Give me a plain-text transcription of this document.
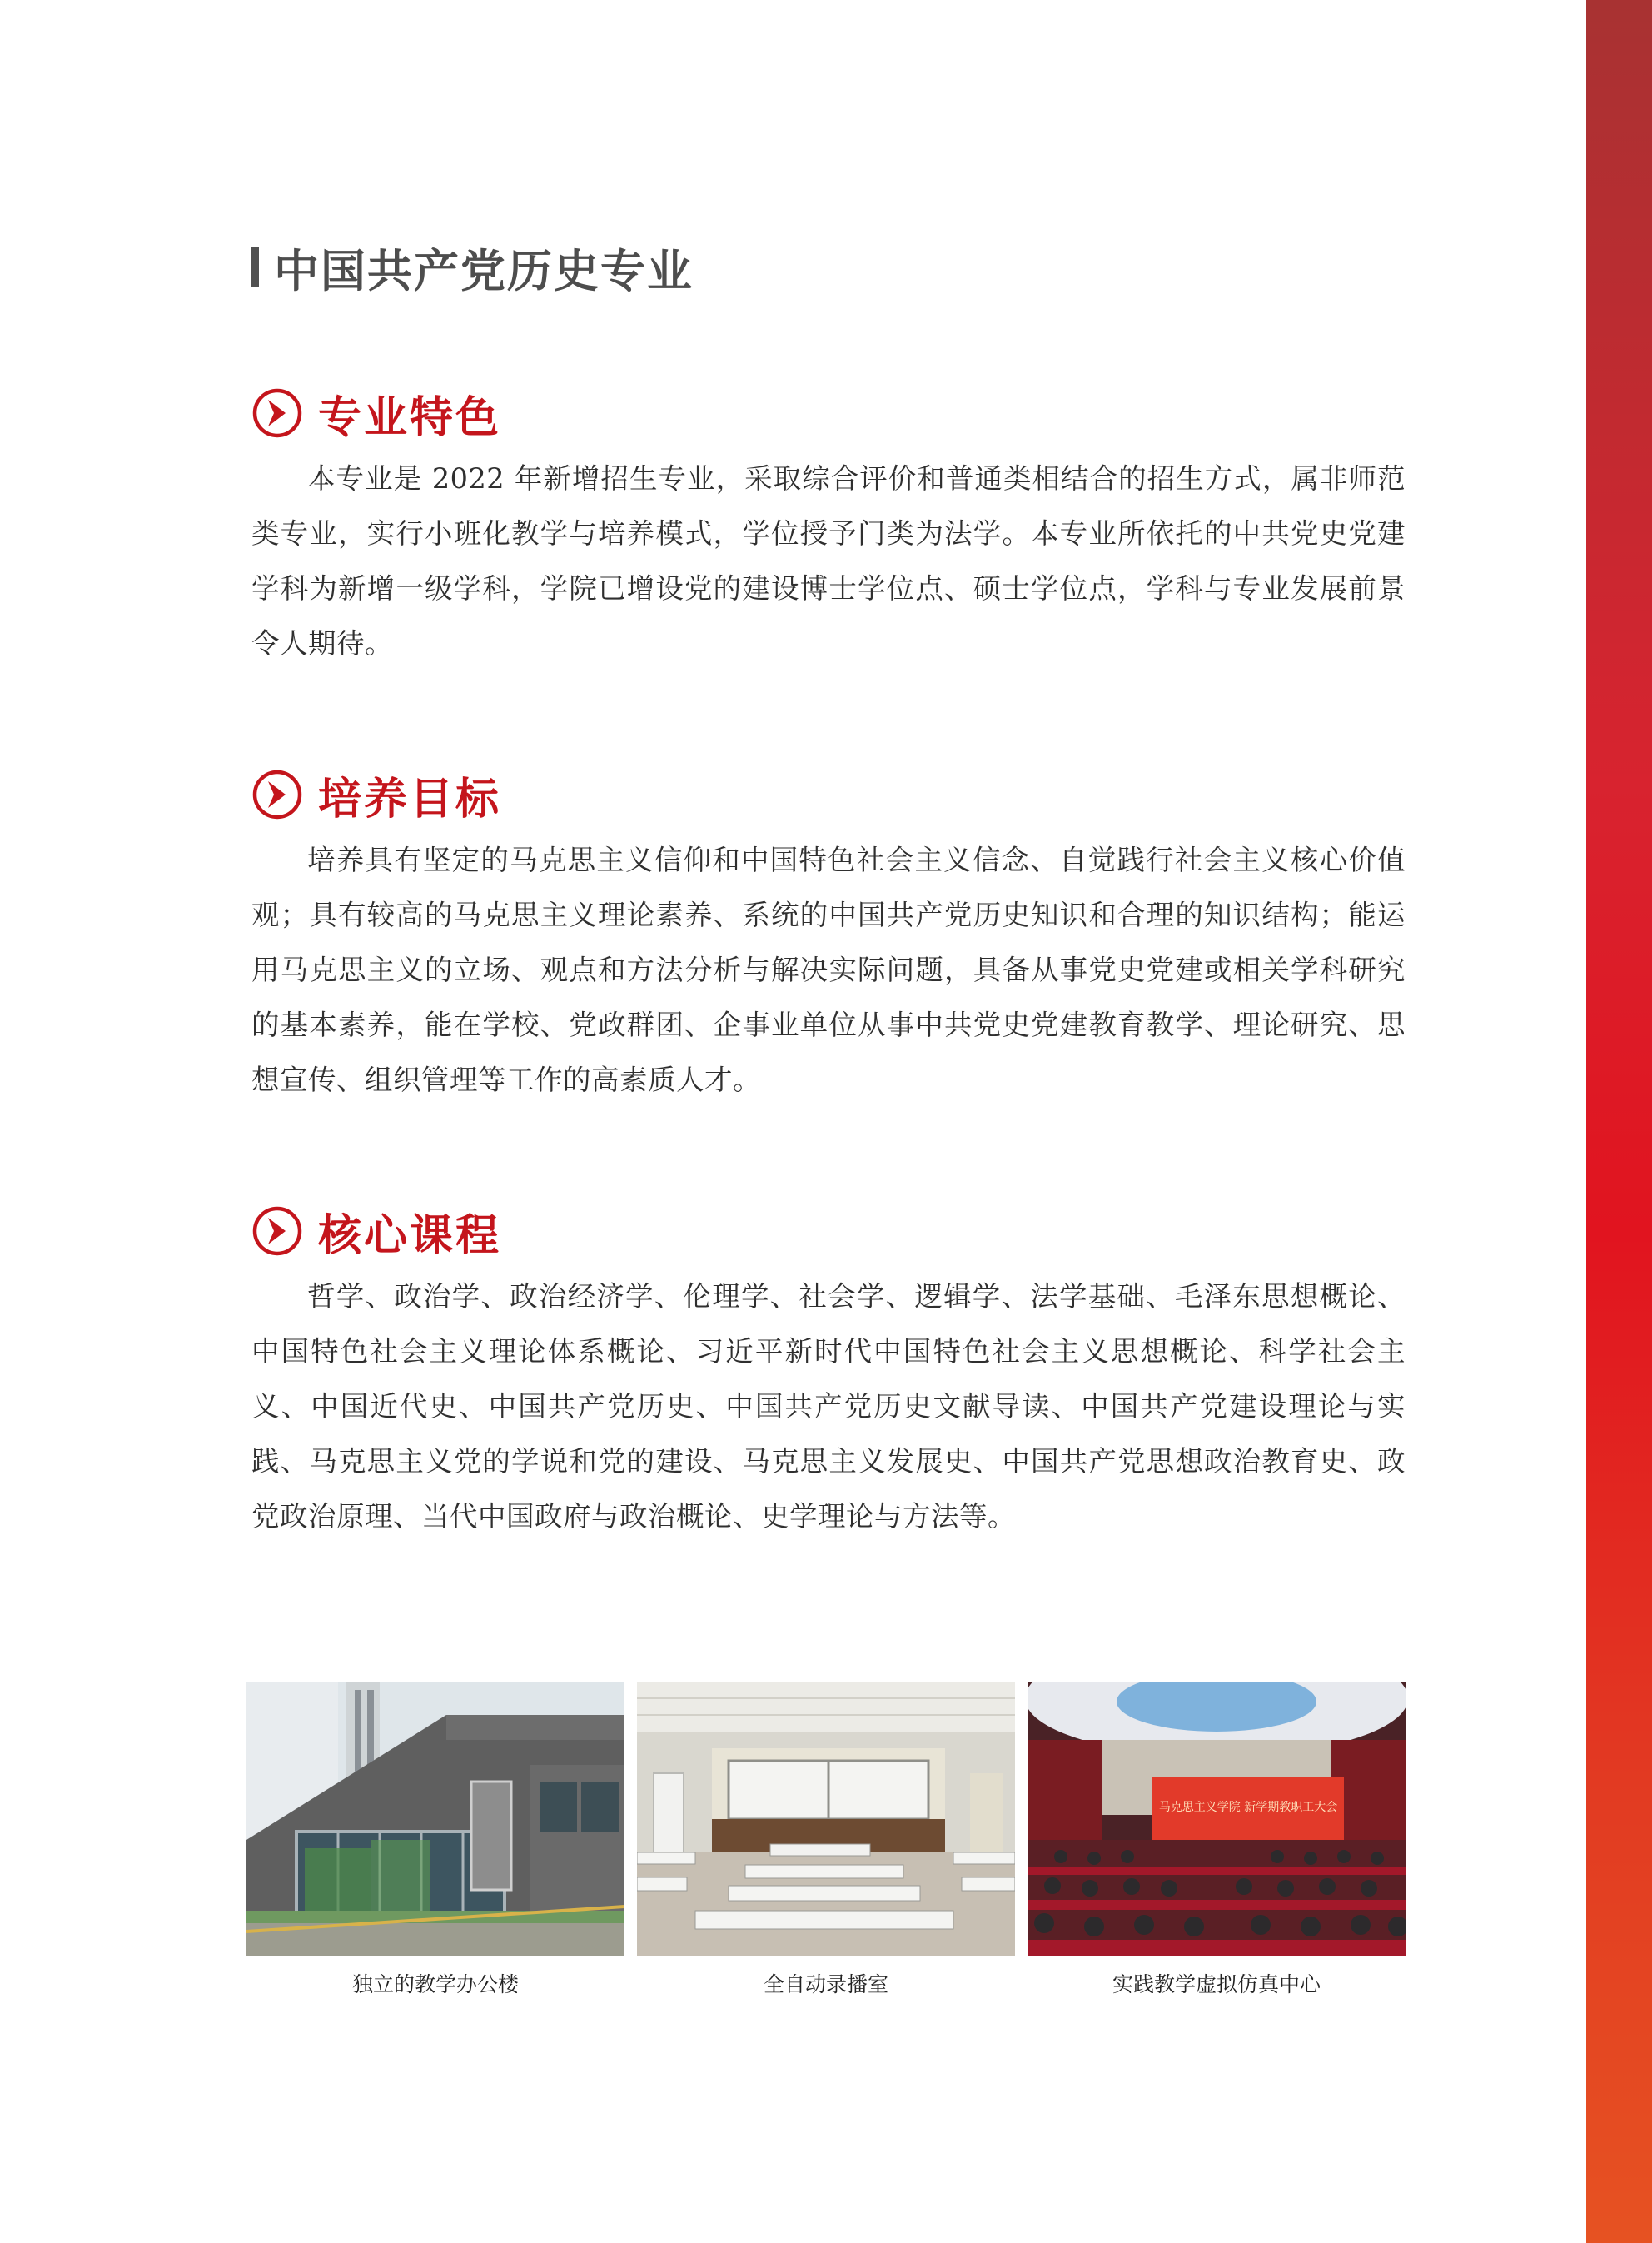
中国共产党历史专业
专业特色

本专业是 2022 年新增招生专业，采取综合评价和普通类相结合的招生方式，属非师范类专业，实行小班化教学与培养模式，学位授予门类为法学。本专业所依托的中共党史党建学科为新增一级学科，学院已增设党的建设博士学位点、硕士学位点，学科与专业发展前景令人期待。

培养目标

培养具有坚定的马克思主义信仰和中国特色社会主义信念、自觉践行社会主义核心价值观；具有较高的马克思主义理论素养、系统的中国共产党历史知识和合理的知识结构；能运用马克思主义的立场、观点和方法分析与解决实际问题，具备从事党史党建或相关学科研究的基本素养，能在学校、党政群团、企事业单位从事中共党史党建教育教学、理论研究、思想宣传、组织管理等工作的高素质人才。

核心课程

哲学、政治学、政治经济学、伦理学、社会学、逻辑学、法学基础、毛泽东思想概论、中国特色社会主义理论体系概论、习近平新时代中国特色社会主义思想概论、科学社会主义、中国近代史、中国共产党历史、中国共产党历史文献导读、中国共产党建设理论与实践、马克思主义党的学说和党的建设、马克思主义发展史、中国共产党思想政治教育史、政党政治原理、当代中国政府与政治概论、史学理论与方法等。

独立的教学办公楼	全自动录播室
马克思主义学院 新学期教职工大会
实践教学虚拟仿真中心
